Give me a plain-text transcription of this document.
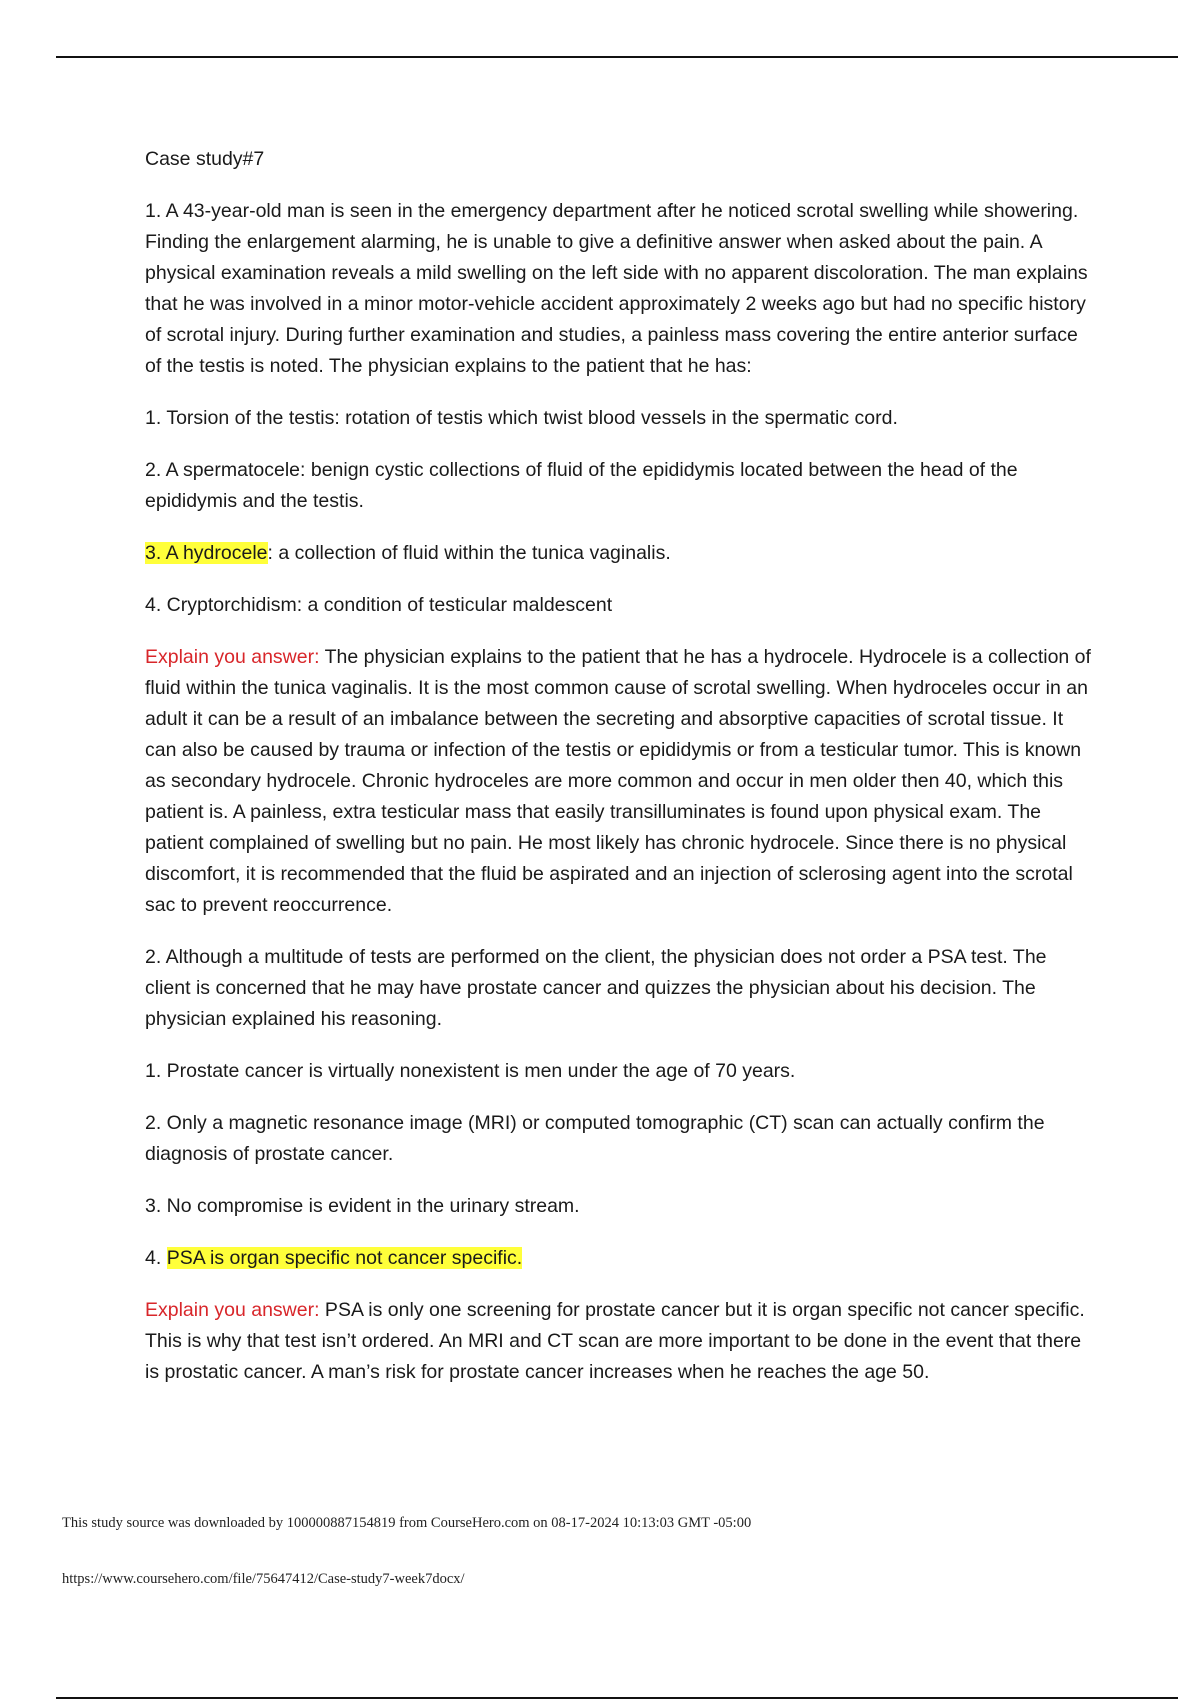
Case study#7

1. A 43-year-old man is seen in the emergency department after he noticed scrotal swelling while showering. Finding the enlargement alarming, he is unable to give a definitive answer when asked about the pain. A physical examination reveals a mild swelling on the left side with no apparent discoloration. The man explains that he was involved in a minor motor-vehicle accident approximately 2 weeks ago but had no specific history of scrotal injury. During further examination and studies, a painless mass covering the entire anterior surface of the testis is noted. The physician explains to the patient that he has:

1. Torsion of the testis: rotation of testis which twist blood vessels in the spermatic cord.

2. A spermatocele: benign cystic collections of fluid of the epididymis located between the head of the epididymis and the testis.

3. A hydrocele: a collection of fluid within the tunica vaginalis.

4. Cryptorchidism: a condition of testicular maldescent

Explain you answer: The physician explains to the patient that he has a hydrocele. Hydrocele is a collection of fluid within the tunica vaginalis. It is the most common cause of scrotal swelling. When hydroceles occur in an adult it can be a result of an imbalance between the secreting and absorptive capacities of scrotal tissue. It can also be caused by trauma or infection of the testis or epididymis or from a testicular tumor. This is known as secondary hydrocele. Chronic hydroceles are more common and occur in men older then 40, which this patient is. A painless, extra testicular mass that easily transilluminates is found upon physical exam. The patient complained of swelling but no pain. He most likely has chronic hydrocele. Since there is no physical discomfort, it is recommended that the fluid be aspirated and an injection of sclerosing agent into the scrotal sac to prevent reoccurrence.

2. Although a multitude of tests are performed on the client, the physician does not order a PSA test. The client is concerned that he may have prostate cancer and quizzes the physician about his decision. The physician explained his reasoning.

1. Prostate cancer is virtually nonexistent is men under the age of 70 years.

2. Only a magnetic resonance image (MRI) or computed tomographic (CT) scan can actually confirm the diagnosis of prostate cancer.

3. No compromise is evident in the urinary stream.

4. PSA is organ specific not cancer specific.

Explain you answer: PSA is only one screening for prostate cancer but it is organ specific not cancer specific. This is why that test isn’t ordered. An MRI and CT scan are more important to be done in the event that there is prostatic cancer. A man’s risk for prostate cancer increases when he reaches the age 50.

This study source was downloaded by 100000887154819 from CourseHero.com on 08-17-2024 10:13:03 GMT -05:00
https://www.coursehero.com/file/75647412/Case-study7-week7docx/
